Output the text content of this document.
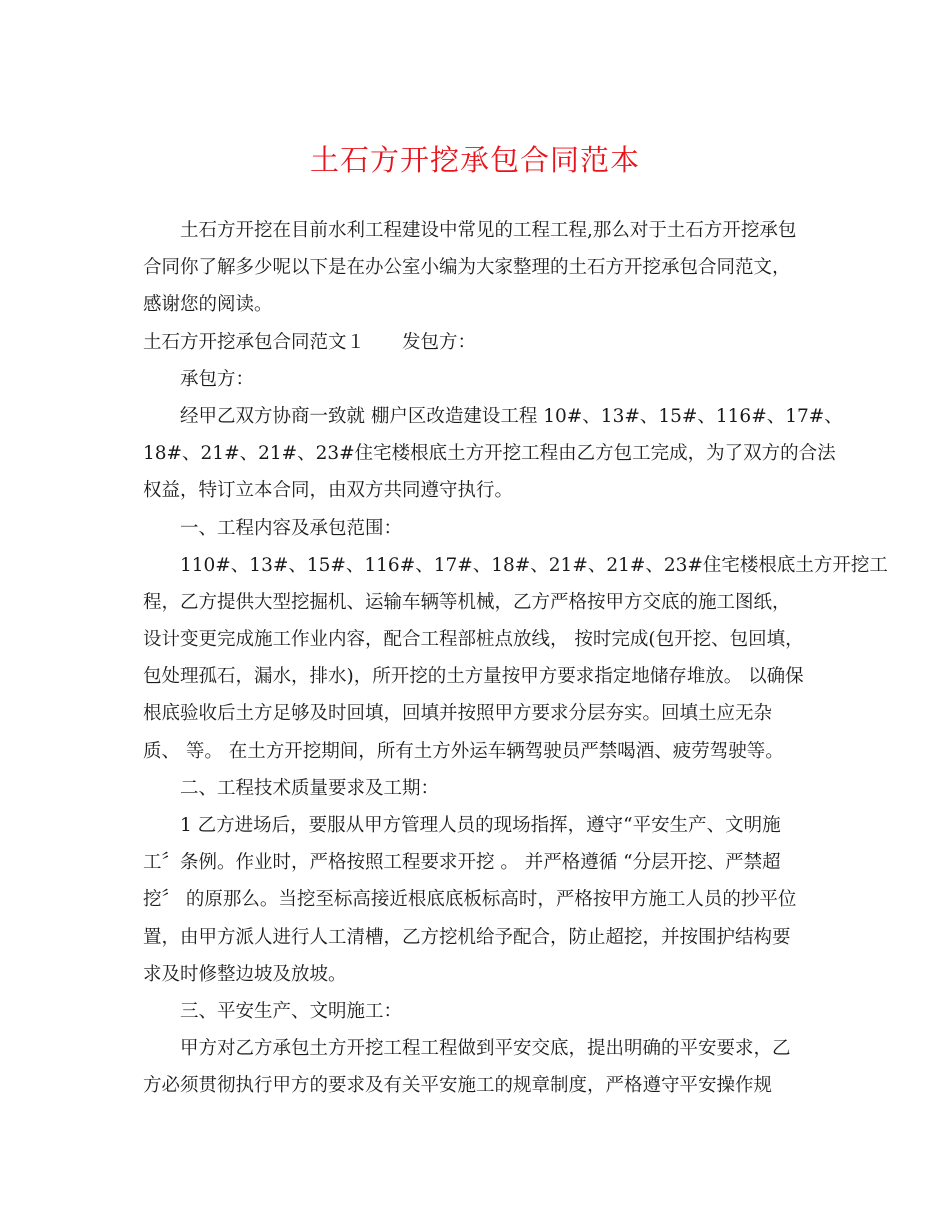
土石方开挖承包合同范本
土石方开挖在目前水利工程建设中常见的工程工程,那么对于土石方开挖承包
合同你了解多少呢以下是在办公室小编为大家整理的土石方开挖承包合同范文，
感谢您的阅读。
土石方开挖承包合同范文１　　发包方：
承包方：
经甲乙双方协商一致就 棚户区改造建设工程 10#、13#、15#、116#、17#、
18#、21#、21#、23#住宅楼根底土方开挖工程由乙方包工完成，为了双方的合法
权益，特订立本合同，由双方共同遵守执行。
一、工程内容及承包范围：
110#、13#、15#、116#、17#、18#、21#、21#、23#住宅楼根底土方开挖工
程，乙方提供大型挖掘机、运输车辆等机械，乙方严格按甲方交底的施工图纸，
设计变更完成施工作业内容，配合工程部桩点放线， 按时完成(包开挖、包回填，
包处理孤石，漏水，排水)，所开挖的土方量按甲方要求指定地储存堆放。 以确保
根底验收后土方足够及时回填，回填并按照甲方要求分层夯实。回填土应无杂
质、 等。 在土方开挖期间，所有土方外运车辆驾驶员严禁喝酒、疲劳驾驶等。
二、工程技术质量要求及工期：
1 乙方进场后，要服从甲方管理人员的现场指挥，遵守“平安生产、文明施
工〞条例。作业时，严格按照工程要求开挖 。 并严格遵循 “分层开挖、严禁超
挖〞 的原那么。当挖至标高接近根底底板标高时，严格按甲方施工人员的抄平位
置，由甲方派人进行人工清槽，乙方挖机给予配合，防止超挖，并按围护结构要
求及时修整边坡及放坡。
三、平安生产、文明施工：
甲方对乙方承包土方开挖工程工程做到平安交底，提出明确的平安要求，乙
方必须贯彻执行甲方的要求及有关平安施工的规章制度，严格遵守平安操作规
